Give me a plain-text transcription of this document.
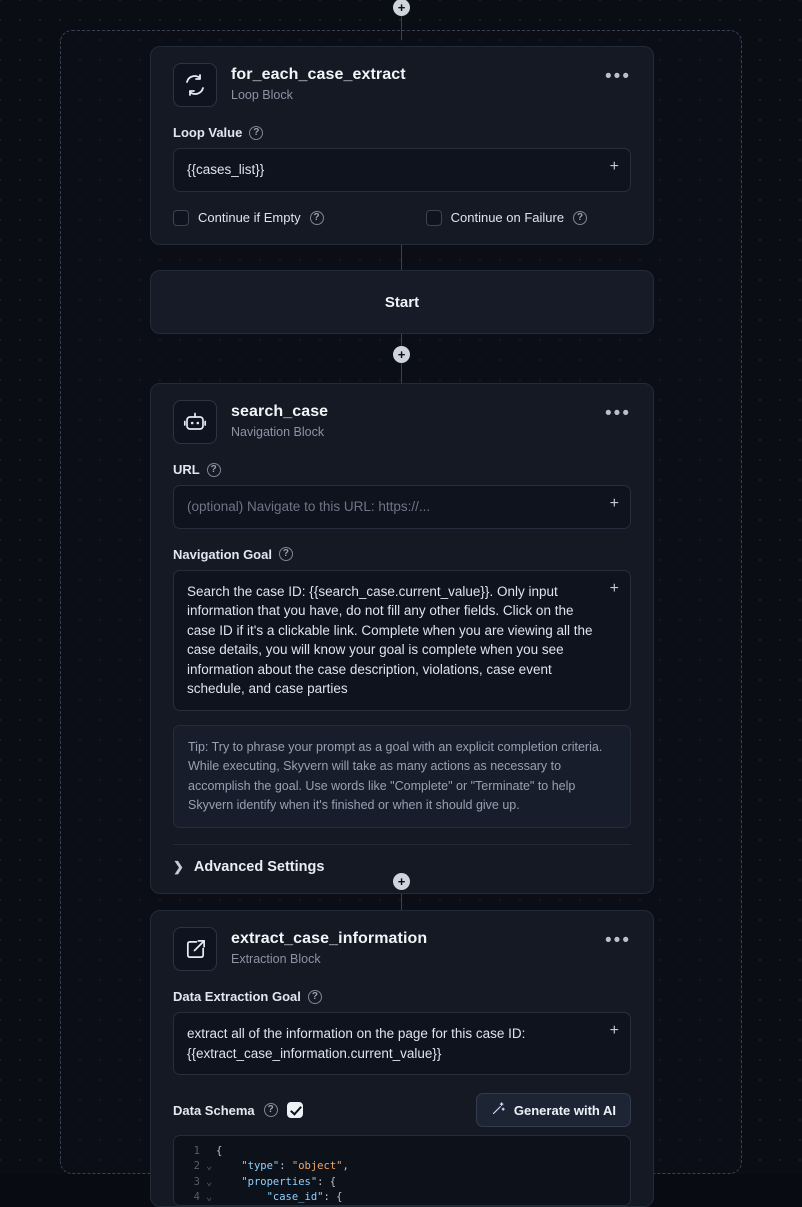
+
+
+
for_each_case_extract
Loop Block
•••
Loop Value	?
{{cases_list}}	+
Continue if Empty	?	Continue on Failure	?
Start
search_case
Navigation Block
•••
URL	?
(optional) Navigate to this URL: https://...	+
Navigation Goal	?
Search the case ID: {{search_case.current_value}}. Only input information that you have, do not fill any other fields. Click on the case ID if it's a clickable link. Complete when you are viewing all the case details, you will know your goal is complete when you see information about the case description, violations, case event schedule, and case parties
+
Tip: Try to phrase your prompt as a goal with an explicit completion criteria. While executing, Skyvern will take as many actions as necessary to accomplish the goal. Use words like "Complete" or "Terminate" to help Skyvern identify when it's finished or when it should give up.
❯ Advanced Settings
extract_case_information
Extraction Block
•••
Data Extraction Goal	?
extract all of the information on the page for this case ID: {{extract_case_information.current_value}}
+
Data Schema	?	Generate with AI
1 {
2 ⌄
	"type" : "object" ,
3 ⌄
	"properties" : {
4 ⌄
	"case_id" : {
